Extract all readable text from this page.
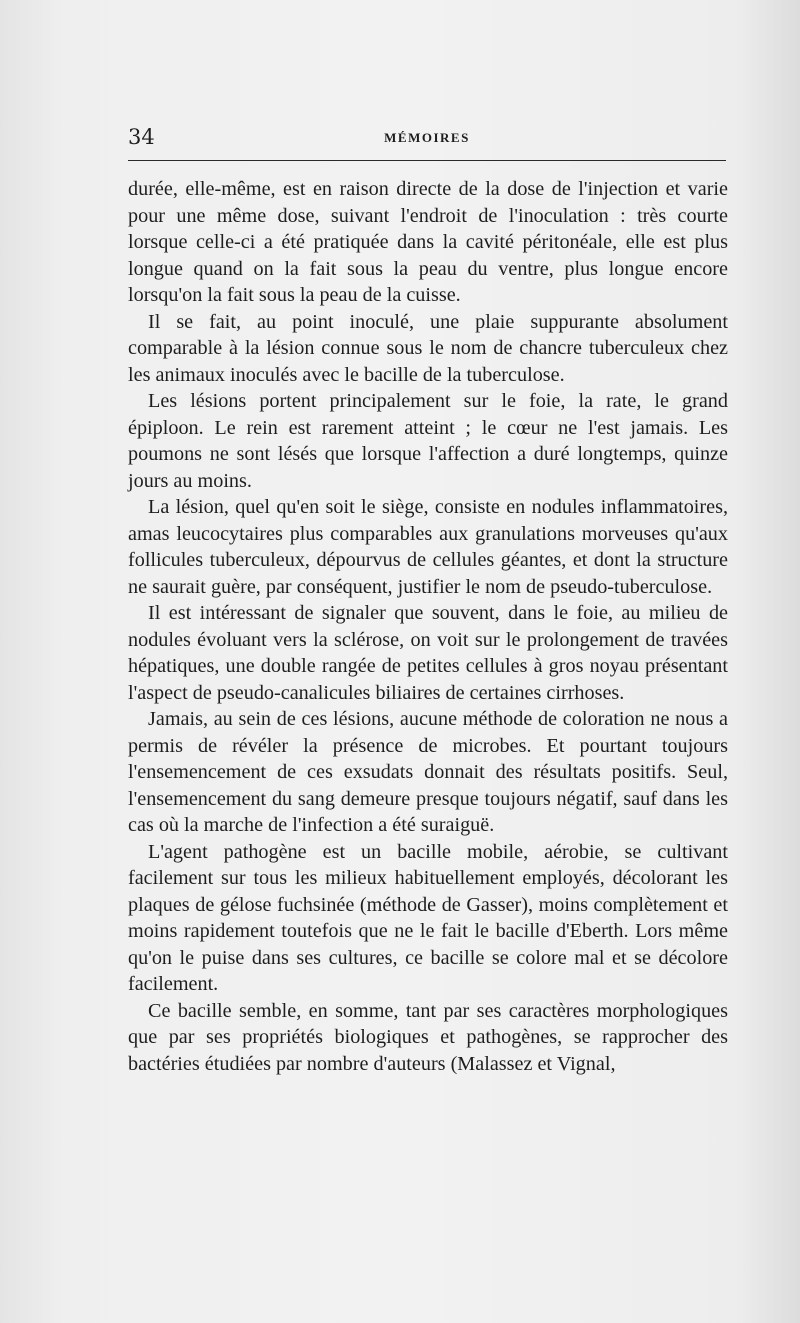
34	MÉMOIRES

durée, elle-même, est en raison directe de la dose de l'injection et varie pour une même dose, suivant l'endroit de l'inoculation : très courte lorsque celle-ci a été pratiquée dans la cavité péritonéale, elle est plus longue quand on la fait sous la peau du ventre, plus longue encore lorsqu'on la fait sous la peau de la cuisse.

Il se fait, au point inoculé, une plaie suppurante absolument comparable à la lésion connue sous le nom de chancre tuberculeux chez les animaux inoculés avec le bacille de la tuberculose.

Les lésions portent principalement sur le foie, la rate, le grand épiploon. Le rein est rarement atteint ; le cœur ne l'est jamais. Les poumons ne sont lésés que lorsque l'affection a duré longtemps, quinze jours au moins.

La lésion, quel qu'en soit le siège, consiste en nodules inflammatoires, amas leucocytaires plus comparables aux granulations morveuses qu'aux follicules tuberculeux, dépourvus de cellules géantes, et dont la structure ne saurait guère, par conséquent, justifier le nom de pseudo-tuberculose.

Il est intéressant de signaler que souvent, dans le foie, au milieu de nodules évoluant vers la sclérose, on voit sur le prolongement de travées hépatiques, une double rangée de petites cellules à gros noyau présentant l'aspect de pseudo-canalicules biliaires de certaines cirrhoses.

Jamais, au sein de ces lésions, aucune méthode de coloration ne nous a permis de révéler la présence de microbes. Et pourtant toujours l'ensemencement de ces exsudats donnait des résultats positifs. Seul, l'ensemencement du sang demeure presque toujours négatif, sauf dans les cas où la marche de l'infection a été suraiguë.

L'agent pathogène est un bacille mobile, aérobie, se cultivant facilement sur tous les milieux habituellement employés, décolorant les plaques de gélose fuchsinée (méthode de Gasser), moins complètement et moins rapidement toutefois que ne le fait le bacille d'Eberth. Lors même qu'on le puise dans ses cultures, ce bacille se colore mal et se décolore facilement.

Ce bacille semble, en somme, tant par ses caractères morphologiques que par ses propriétés biologiques et pathogènes, se rapprocher des bactéries étudiées par nombre d'auteurs (Malassez et Vignal,
